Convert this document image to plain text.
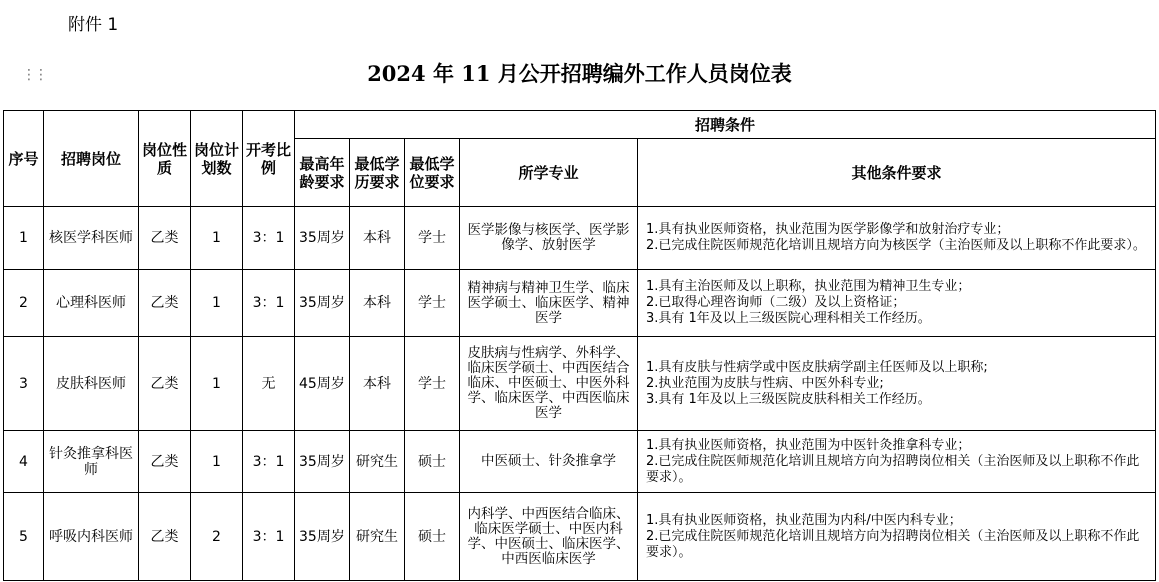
附件 1
⋮⋮	2024 年 11 月公开招聘编外工作人员岗位表
序号	招聘岗位	岗位性质	岗位计划数	开考比例	招聘条件				
					最高年龄要求	最低学历要求	最低学位要求	所学专业	其他条件要求
1	核医学科医师	乙类	1	3：1	35周岁	本科	学士	医学影像与核医学、医学影像学、放射医学	1.具有执业医师资格，执业范围为医学影像学和放射治疗专业；
2.已完成住院医师规范化培训且规培方向为核医学（主治医师及以上职称不作此要求）。

2	心理科医师	乙类	1	3：1	35周岁	本科	学士	精神病与精神卫生学、临床医学硕士、临床医学、精神医学	1.具有主治医师及以上职称，执业范围为精神卫生专业；
2.已取得心理咨询师（二级）及以上资格证；
3.具有 1年及以上三级医院心理科相关工作经历。

3	皮肤科医师	乙类	1	无	45周岁	本科	学士	皮肤病与性病学、外科学、临床医学硕士、中西医结合临床、中医硕士、中医外科学、临床医学、中西医临床医学	1.具有皮肤与性病学或中医皮肤病学副主任医师及以上职称;
2.执业范围为皮肤与性病、中医外科专业;
3.具有 1年及以上三级医院皮肤科相关工作经历。

4	针灸推拿科医师	乙类	1	3：1	35周岁	研究生	硕士	中医硕士、针灸推拿学	1.具有执业医师资格，执业范围为中医针灸推拿科专业；
2.已完成住院医师规范化培训且规培方向为招聘岗位相关（主治医师及以上职称不作此要求）。

5	呼吸内科医师	乙类	2	3：1	35周岁	研究生	硕士	内科学、中西医结合临床、临床医学硕士、中医内科学、中医硕士、临床医学、中西医临床医学	1.具有执业医师资格，执业范围为内科/中医内科专业；
2.已完成住院医师规范化培训且规培方向为招聘岗位相关（主治医师及以上职称不作此要求）。
